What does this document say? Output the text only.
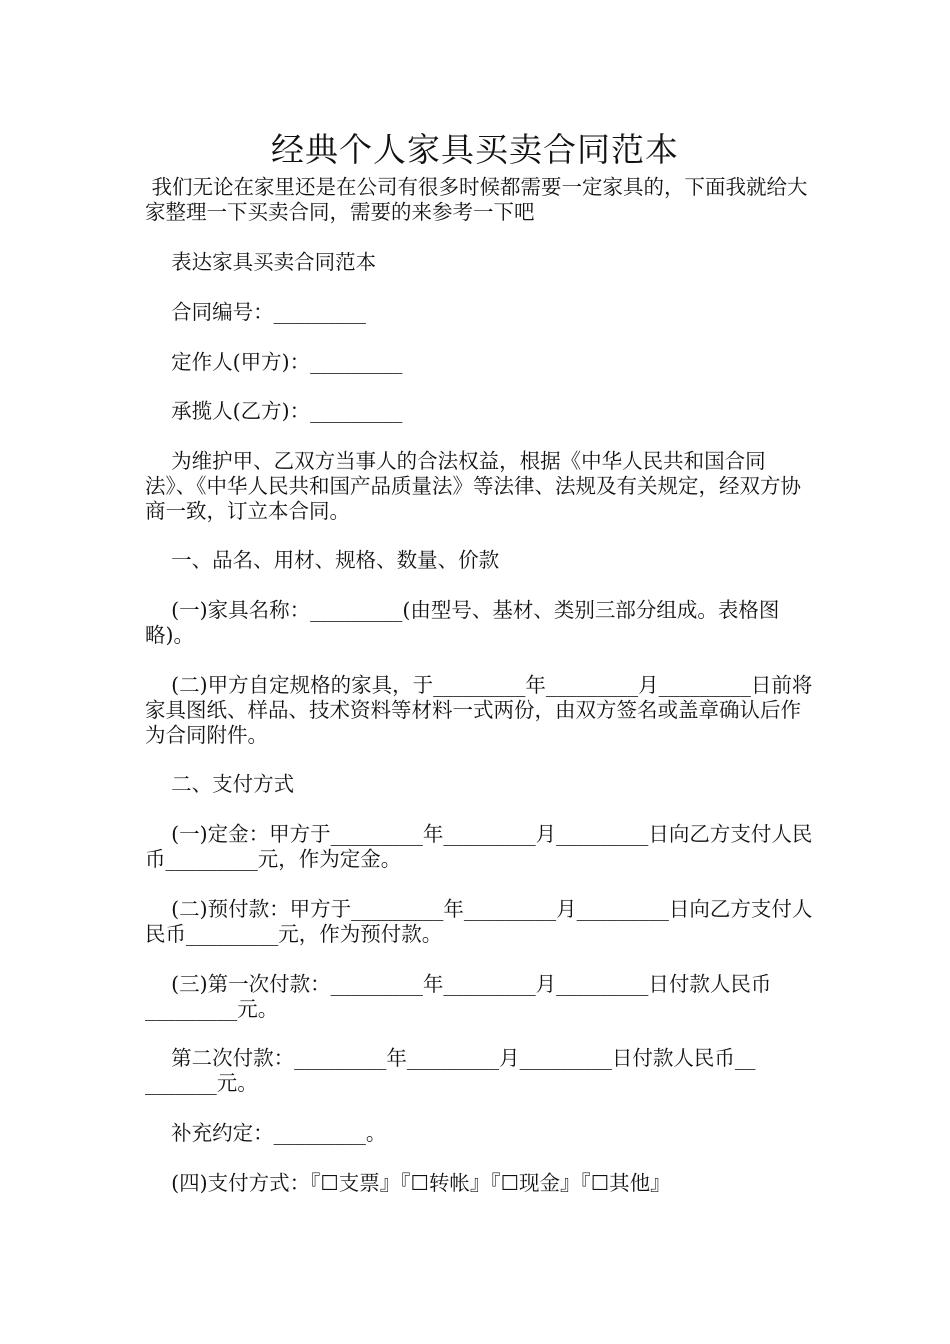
经典个人家具买卖合同范本
我们无论在家里还是在公司有很多时候都需要一定家具的，下面我就给大家整理一下买卖合同，需要的来参考一下吧
表达家具买卖合同范本
合同编号：_________
定作人(甲方)：_________
承揽人(乙方)：_________
为维护甲、乙双方当事人的合法权益，根据《中华人民共和国合同法》、《中华人民共和国产品质量法》等法律、法规及有关规定，经双方协商一致，订立本合同。
一、品名、用材、规格、数量、价款
(一)家具名称：_________(由型号、基材、类别三部分组成。表格图略)。
(二)甲方自定规格的家具，于_________年_________月_________日前将家具图纸、样品、技术资料等材料一式两份，由双方签名或盖章确认后作为合同附件。
二、支付方式
(一)定金：甲方于_________年_________月_________日向乙方支付人民币_________元，作为定金。
(二)预付款：甲方于_________年_________月_________日向乙方支付人民币_________元，作为预付款。
(三)第一次付款：_________年_________月_________日付款人民币_________元。
第二次付款：_________年_________月_________日付款人民币__ _______元。
补充约定：_________。
(四)支付方式：『☐支票』『☐转帐』『☐现金』『☐其他』
